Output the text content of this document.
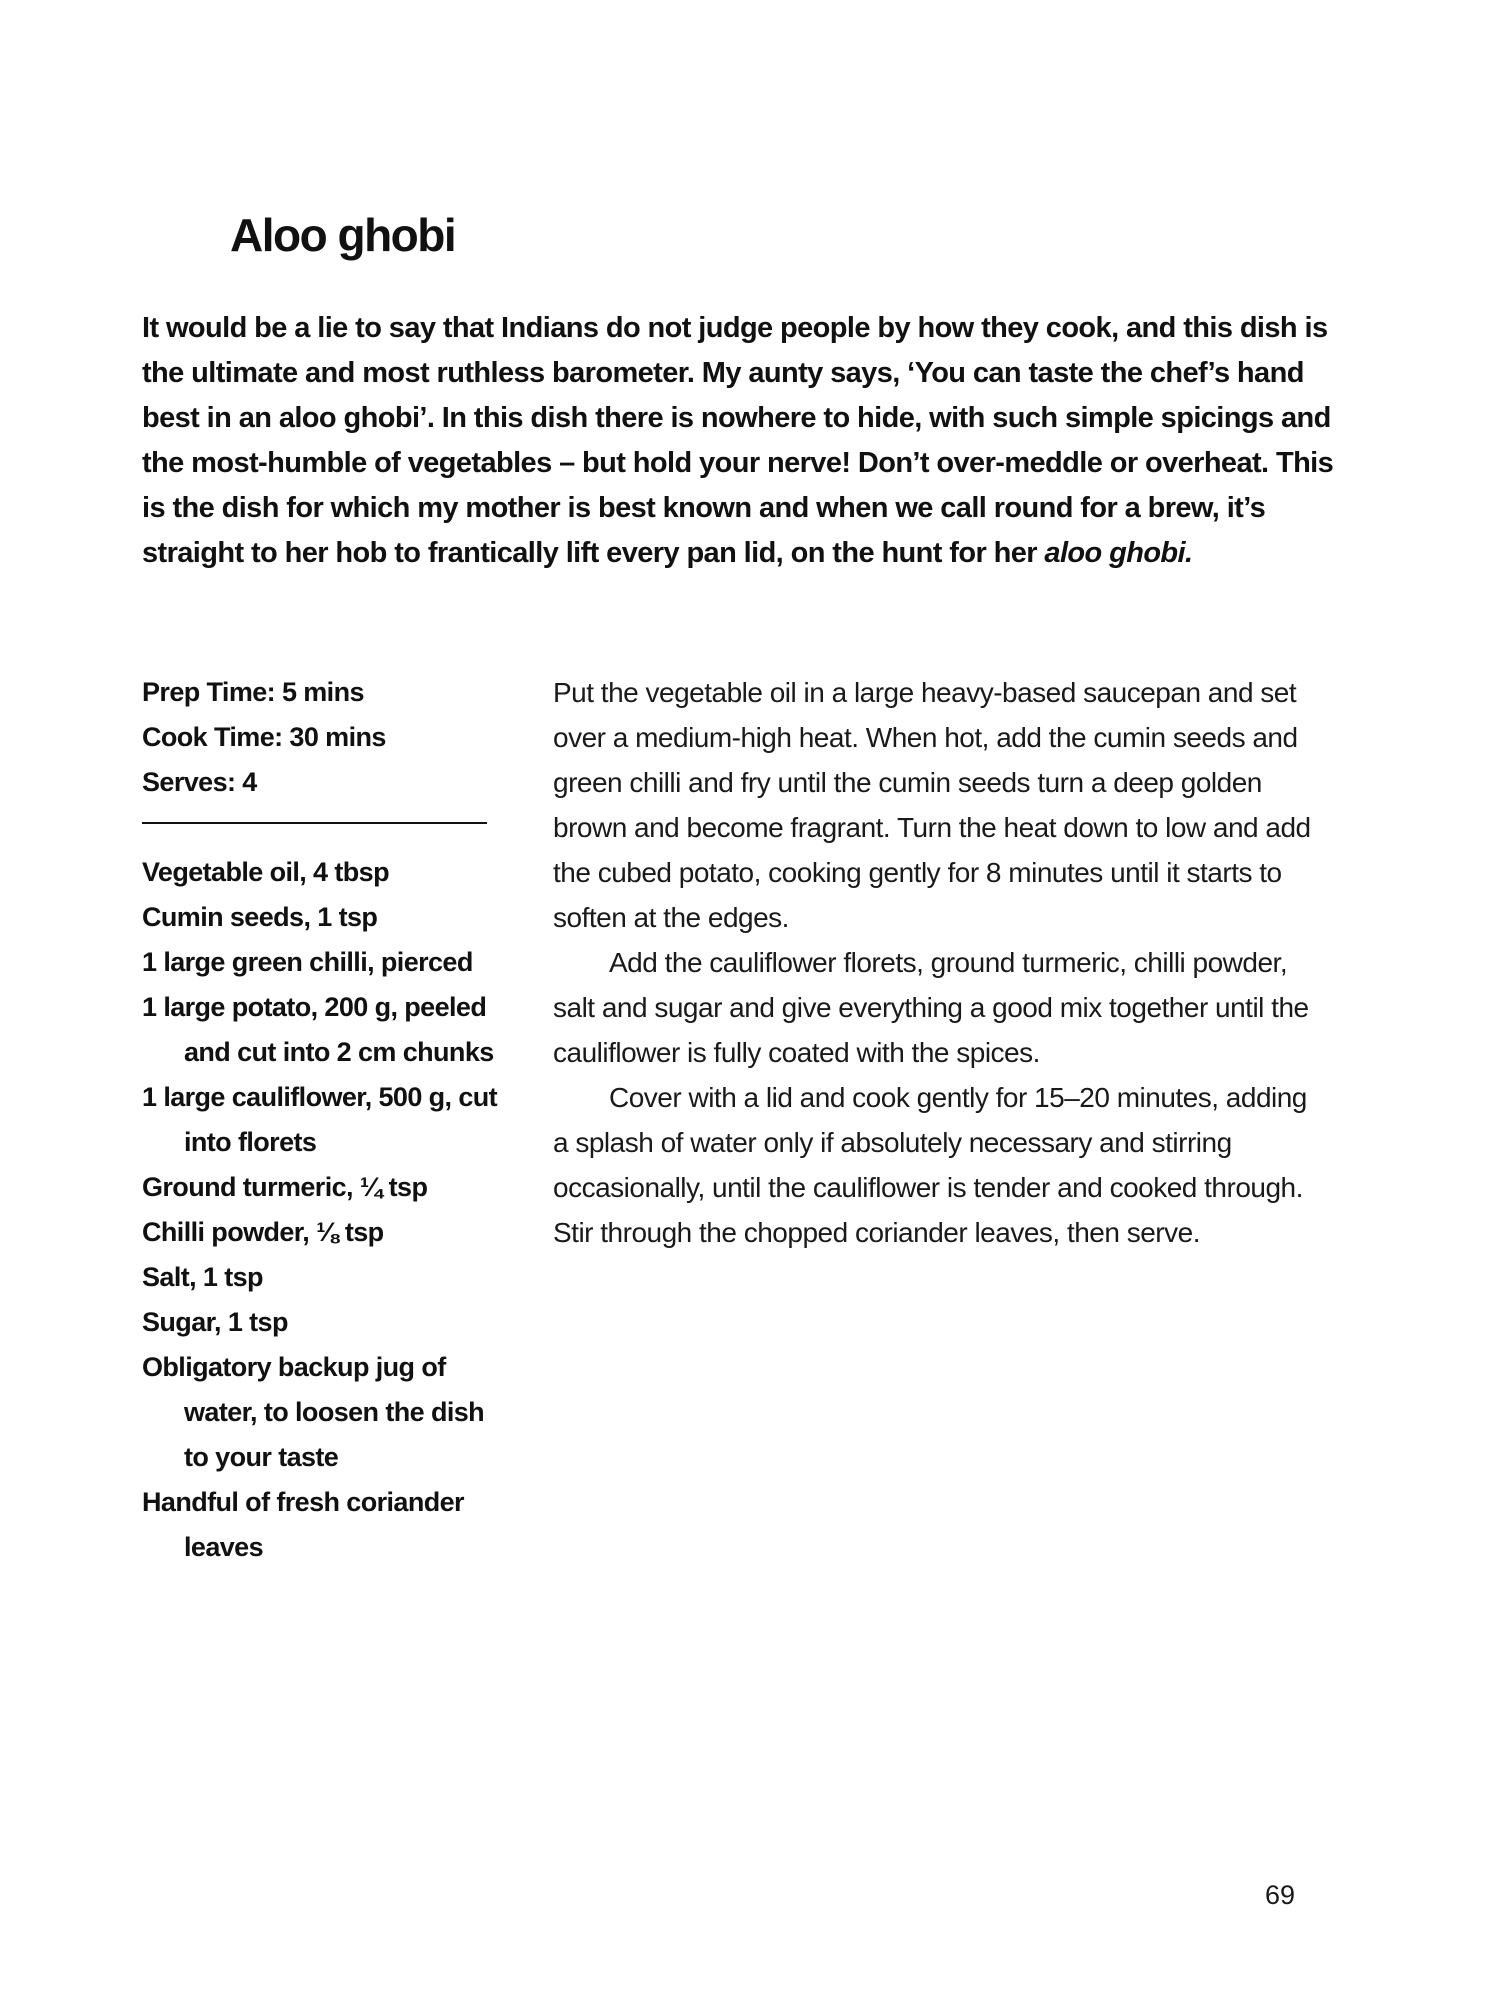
Aloo ghobi

It would be a lie to say that Indians do not judge people by how they cook, and this dish is the ultimate and most ruthless barometer. My aunty says, ‘You can taste the chef’s hand best in an aloo ghobi’. In this dish there is nowhere to hide, with such simple spicings and the most-humble of vegetables – but hold your nerve! Don’t over-meddle or overheat. This is the dish for which my mother is best known and when we call round for a brew, it’s straight to her hob to frantically lift every pan lid, on the hunt for her aloo ghobi.

Prep Time: 5 mins
Cook Time: 30 mins
Serves: 4
Vegetable oil, 4 tbsp
Cumin seeds, 1 tsp
1 large green chilli, pierced
1 large potato, 200 g, peeled and cut into 2 cm chunks
1 large cauliflower, 500 g, cut into florets
Ground turmeric, ¼ tsp
Chilli powder, ⅛ tsp
Salt, 1 tsp
Sugar, 1 tsp
Obligatory backup jug of water, to loosen the dish to your taste
Handful of fresh coriander leaves

Put the vegetable oil in a large heavy-based saucepan and set over a medium-high heat. When hot, add the cumin seeds and green chilli and fry until the cumin seeds turn a deep golden brown and become fragrant. Turn the heat down to low and add the cubed potato, cooking gently for 8 minutes until it starts to soften at the edges.

Add the cauliflower florets, ground turmeric, chilli powder, salt and sugar and give everything a good mix together until the cauliflower is fully coated with the spices.

Cover with a lid and cook gently for 15–20 minutes, adding a splash of water only if absolutely necessary and stirring occasionally, until the cauliflower is tender and cooked through. Stir through the chopped coriander leaves, then serve.

69
